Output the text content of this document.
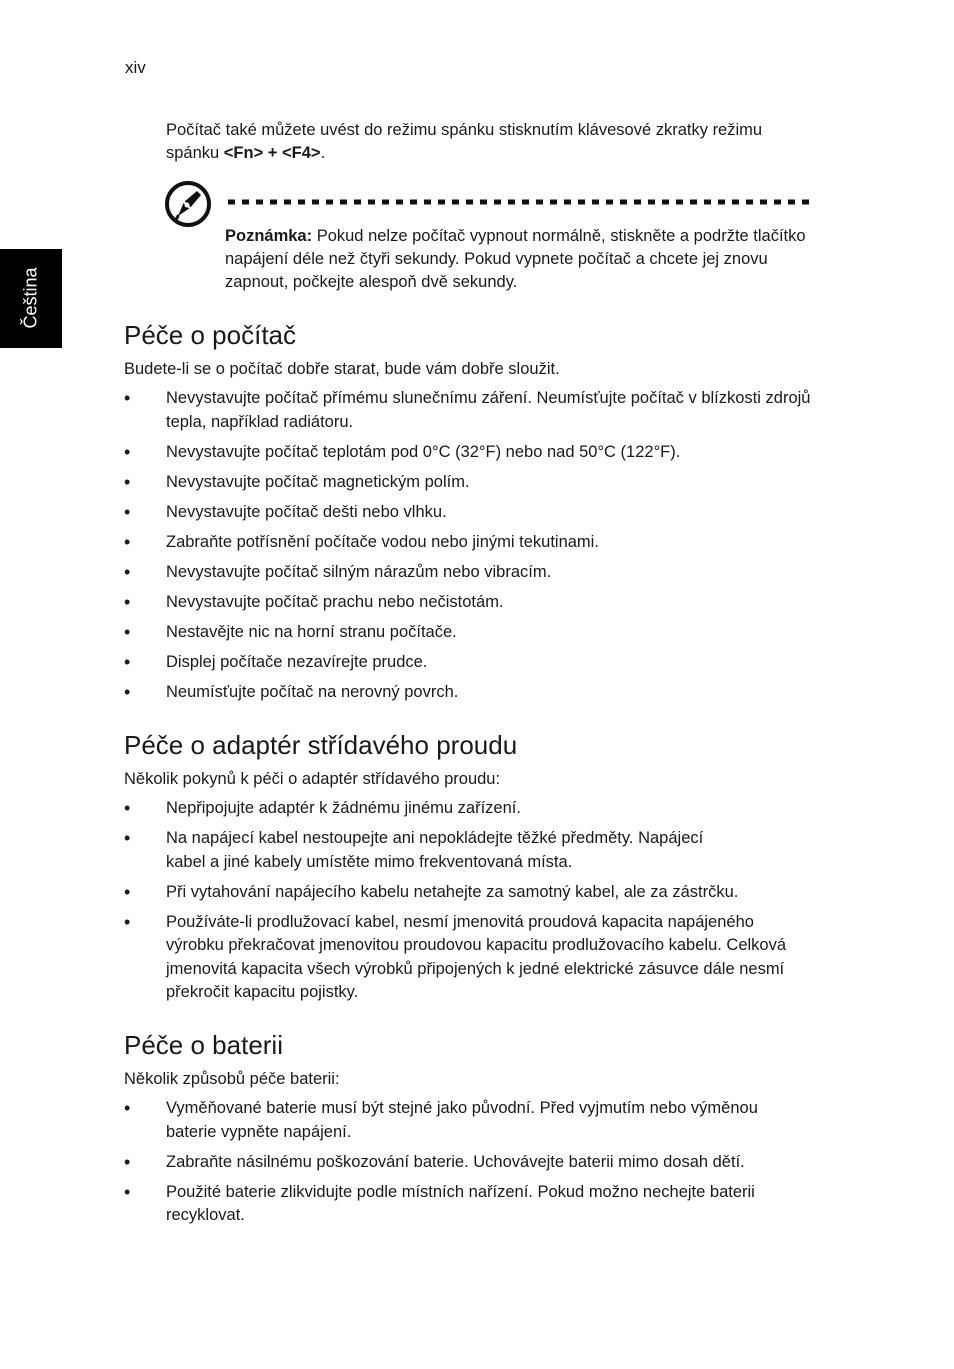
xiv
Čeština

Počítač také můžete uvést do režimu spánku stisknutím klávesové zkratky režimu spánku <Fn> + <F4>.

Poznámka: Pokud nelze počítač vypnout normálně, stiskněte a podržte tlačítko napájení déle než čtyři sekundy. Pokud vypnete počítač a chcete jej znovu zapnout, počkejte alespoň dvě sekundy.

Péče o počítač

Budete-li se o počítač dobře starat, bude vám dobře sloužit.

• Nevystavujte počítač přímému slunečnímu záření. Neumísťujte počítač v blízkosti zdrojů tepla, například radiátoru.
• Nevystavujte počítač teplotám pod 0°C (32°F) nebo nad 50°C (122°F).
• Nevystavujte počítač magnetickým polím.
• Nevystavujte počítač dešti nebo vlhku.
• Zabraňte potřísnění počítače vodou nebo jinými tekutinami.
• Nevystavujte počítač silným nárazům nebo vibracím.
• Nevystavujte počítač prachu nebo nečistotám.
• Nestavějte nic na horní stranu počítače.
• Displej počítače nezavírejte prudce.
• Neumísťujte počítač na nerovný povrch.
Péče o adaptér střídavého proudu

Několik pokynů k péči o adaptér střídavého proudu:

• Nepřipojujte adaptér k žádnému jinému zařízení.
• Na napájecí kabel nestoupejte ani nepokládejte těžké předměty. Napájecí kabel a jiné kabely umístěte mimo frekventovaná místa.
• Při vytahování napájecího kabelu netahejte za samotný kabel, ale za zástrčku.
• Používáte-li prodlužovací kabel, nesmí jmenovitá proudová kapacita napájeného výrobku překračovat jmenovitou proudovou kapacitu prodlužovacího kabelu. Celková jmenovitá kapacita všech výrobků připojených k jedné elektrické zásuvce dále nesmí překročit kapacitu pojistky.
Péče o baterii

Několik způsobů péče baterii:

• Vyměňované baterie musí být stejné jako původní. Před vyjmutím nebo výměnou baterie vypněte napájení.
• Zabraňte násilnému poškozování baterie. Uchovávejte baterii mimo dosah dětí.
• Použité baterie zlikvidujte podle místních nařízení. Pokud možno nechejte baterii recyklovat.
